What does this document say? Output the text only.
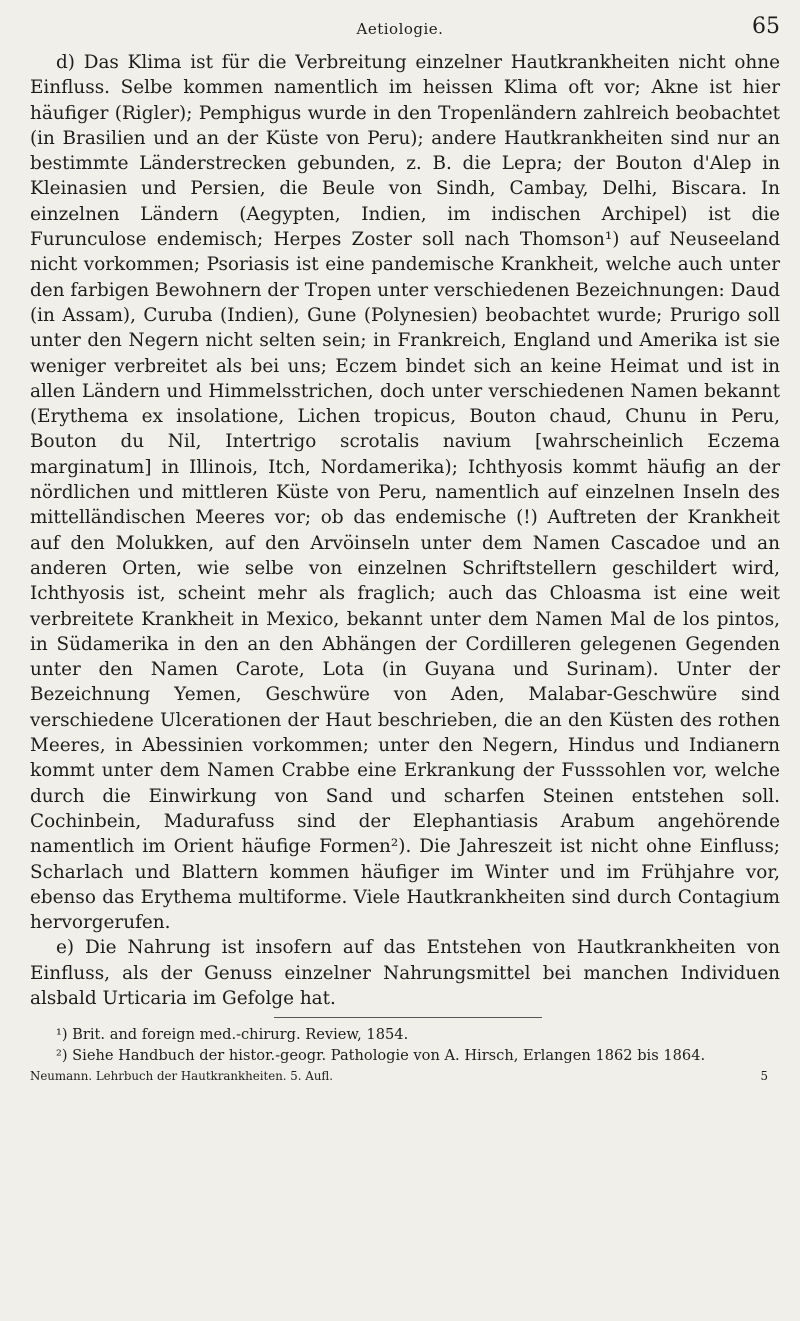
Aetiologie.	65

d) Das Klima ist für die Verbreitung einzelner Hautkrankheiten nicht ohne Einfluss. Selbe kommen namentlich im heissen Klima oft vor; Akne ist hier häufiger (Rigler); Pemphigus wurde in den Tropenländern zahlreich beobachtet (in Brasilien und an der Küste von Peru); andere Hautkrankheiten sind nur an bestimmte Länderstrecken gebunden, z. B. die Lepra; der Bouton d'Alep in Kleinasien und Persien, die Beule von Sindh, Cambay, Delhi, Biscara. In einzelnen Ländern (Aegypten, Indien, im indischen Archipel) ist die Furunculose endemisch; Herpes Zoster soll nach Thomson¹) auf Neuseeland nicht vorkommen; Psoriasis ist eine pandemische Krankheit, welche auch unter den farbigen Bewohnern der Tropen unter verschiedenen Bezeichnungen: Daud (in Assam), Curuba (Indien), Gune (Polynesien) beobachtet wurde; Prurigo soll unter den Negern nicht selten sein; in Frankreich, England und Amerika ist sie weniger verbreitet als bei uns; Eczem bindet sich an keine Heimat und ist in allen Ländern und Himmelsstrichen, doch unter verschiedenen Namen bekannt (Erythema ex insolatione, Lichen tropicus, Bouton chaud, Chunu in Peru, Bouton du Nil, Intertrigo scrotalis navium [wahrscheinlich Eczema marginatum] in Illinois, Itch, Nordamerika); Ichthyosis kommt häufig an der nördlichen und mittleren Küste von Peru, namentlich auf einzelnen Inseln des mittelländischen Meeres vor; ob das endemische (!) Auftreten der Krankheit auf den Molukken, auf den Arvöinseln unter dem Namen Cascadoe und an anderen Orten, wie selbe von einzelnen Schriftstellern geschildert wird, Ichthyosis ist, scheint mehr als fraglich; auch das Chloasma ist eine weit verbreitete Krankheit in Mexico, bekannt unter dem Namen Mal de los pintos, in Südamerika in den an den Abhängen der Cordilleren gelegenen Gegenden unter den Namen Carote, Lota (in Guyana und Surinam). Unter der Bezeichnung Yemen, Geschwüre von Aden, Malabar-Geschwüre sind verschiedene Ulcerationen der Haut beschrieben, die an den Küsten des rothen Meeres, in Abessinien vorkommen; unter den Negern, Hindus und Indianern kommt unter dem Namen Crabbe eine Erkrankung der Fusssohlen vor, welche durch die Einwirkung von Sand und scharfen Steinen entstehen soll. Cochinbein, Madurafuss sind der Elephantiasis Arabum angehörende namentlich im Orient häufige Formen²). Die Jahreszeit ist nicht ohne Einfluss; Scharlach und Blattern kommen häufiger im Winter und im Frühjahre vor, ebenso das Erythema multiforme. Viele Hautkrankheiten sind durch Contagium hervorgerufen.

e) Die Nahrung ist insofern auf das Entstehen von Hautkrankheiten von Einfluss, als der Genuss einzelner Nahrungsmittel bei manchen Individuen alsbald Urticaria im Gefolge hat.

¹) Brit. and foreign med.-chirurg. Review, 1854.

²) Siehe Handbuch der histor.-geogr. Pathologie von A. Hirsch, Erlangen 1862 bis 1864.

Neumann. Lehrbuch der Hautkrankheiten. 5. Aufl.	5
